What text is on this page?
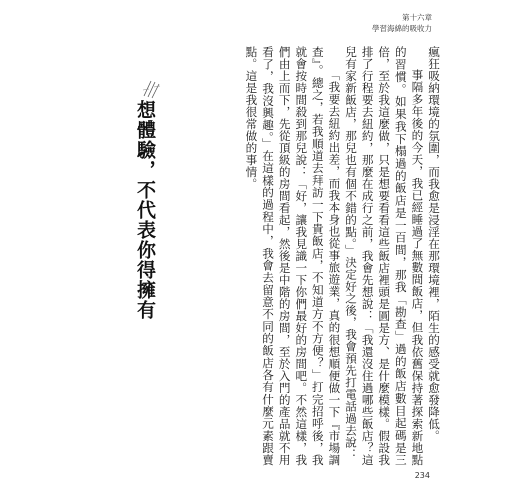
第十六章
學習海綿的吸收力
想體驗，不代表你得擁有	瘋狂吸納環境的氛圍，而我愈是浸淫在那環境裡，陌生的感受就愈發降低。

事隔多年後的今天，我已經睡過了無數間飯店，但我依舊保持著探索新地點的習慣。如果我下榻過的飯店是一百間，那我「勘查」過的飯店數目起碼是三倍，至於我這麼做，只是想要看看這些飯店裡頭是圓是方、是什麼模樣。假設我排了行程要去紐約，那麼在成行之前，我會先想說：「我還沒住過哪些飯店？這兒有家新飯店，那兒也有個不錯的點。」決定好之後，我會預先打電話過去說：

「我要去紐約出差，而我本身也從事旅遊業，真的很想順便做一下『市場調查』。總之，若我順道去拜訪一下貴飯店，不知道方不方便？」打完招呼後，我就會按時間殺到那兒說：「好，讓我見識一下你們最好的房間吧。不然這樣，我們由上而下，先從頂級的房間看起，然後是中階的房間，至於入門的產品就不用看了，我沒興趣。」在這樣的過程中，我會去留意不同的飯店各有什麼元素跟賣點。這是我很常做的事情。

234
